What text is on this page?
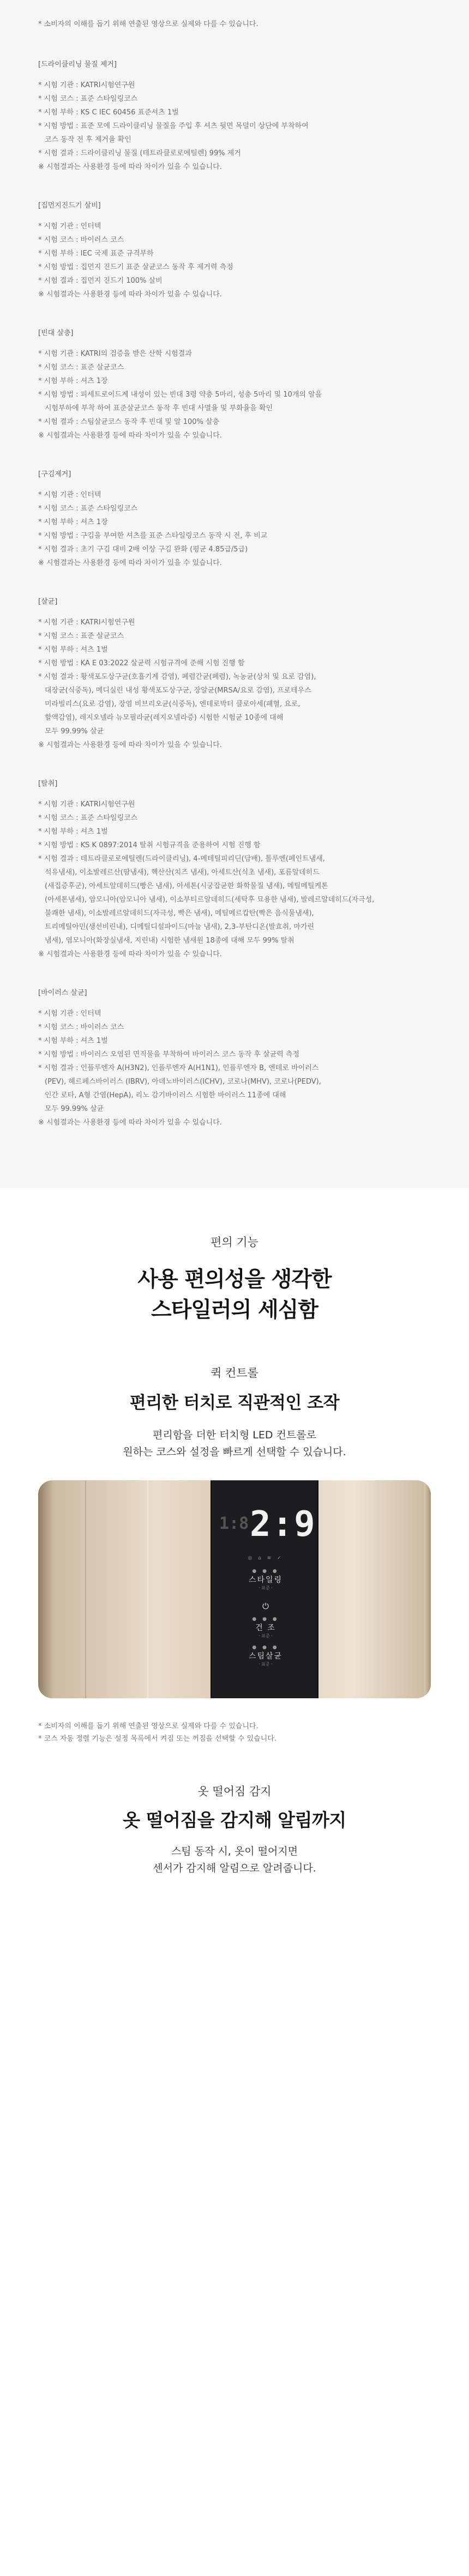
* 소비자의 이해를 돕기 위해 연출된 영상으로 실제와 다를 수 있습니다.
[드라이클리닝 물질 제거]
* 시험 기관 : KATRI시험연구원
* 시험 코스 : 표준 스타일링코스
* 시험 부하 : KS C IEC 60456 표준셔츠 1벌
* 시험 방법 : 표준 모에 드라이클리닝 물질을 주입 후 셔츠 뒷면 목덜미 상단에 부착하여
코스 동작 전 후 제거율 확인
* 시험 결과 : 드라이클리닝 물질 (테트라클로로에틸렌) 99% 제거
※ 시험결과는 사용환경 등에 따라 차이가 있을 수 있습니다.
[집먼지진드기 살비]
* 시험 기관 : 인터텍
* 시험 코스 : 바이러스 코스
* 시험 부하 : IEC 국제 표준 규격부하
* 시험 방법 : 집먼지 진드기 표준 살균코스 동작 후 제거력 측정
* 시험 결과 : 집먼지 진드기 100% 살비
※ 시험결과는 사용환경 등에 따라 차이가 있을 수 있습니다.
[빈대 살충]
* 시험 기관 : KATRI의 검증을 받은 산학 시험결과
* 시험 코스 : 표준 살균코스
* 시험 부하 : 셔츠 1장
* 시험 방법 : 피세트로이드계 내성이 있는 빈대 3령 약충 5마리, 성충 5마리 및 10개의 알을
시험부하에 부착 하여 표준살균코스 동작 후 빈대 사멸율 및 부화율을 확인
* 시험 결과 : 스팀살균코스 동작 후 빈대 및 알 100% 살충
※ 시험결과는 사용환경 등에 따라 차이가 있을 수 있습니다.
[구김제거]
* 시험 기관 : 인터텍
* 시험 코스 : 표준 스타일링코스
* 시험 부하 : 셔츠 1장
* 시험 방법 : 구김을 부여한 셔츠를 표준 스타일링코스 동작 시 전, 후 비교
* 시험 결과 : 초기 구김 대비 2배 이상 구김 완화 (평균 4.85급/5급)
※ 시험결과는 사용환경 등에 따라 차이가 있을 수 있습니다.
[살균]
* 시험 기관 : KATRI시험연구원
* 시험 코스 : 표준 살균코스
* 시험 부하 : 셔츠 1벌
* 시험 방법 : KA E 03:2022 살균력 시험규격에 준해 시험 진행 함
* 시험 결과 : 황색포도상구균(호흡기계 감염), 폐렴간균(폐렴), 녹농균(상처 및 요로 감염),
대장균(식중독), 메디실린 내성 황색포도상구균, 장알균(MRSA/요로 감염), 프로테우스
미라빌리스(요로 감염), 장염 비브리오균(식중독), 엔테로박터 클로아세(패혈, 요로,
할액감염), 레지오넬라 뉴모필라균(레지오넬라증) 시험한 시험균 10종에 대해
모두 99.99% 살균
※ 시험결과는 사용환경 등에 따라 차이가 있을 수 있습니다.
[탈취]
* 시험 기관 : KATRI시험연구원
* 시험 코스 : 표준 스타일링코스
* 시험 부하 : 셔츠 1벌
* 시험 방법 : KS K 0897:2014 탈취 시험규격을 준용하여 시험 진행 함
* 시험 결과 : 테트라클로로에틸렌(드라이클리닝), 4-메테틸피리딘(담배), 톨루엔(페인트냄새,
석유냄새), 이소발레르산(땀냄새), 헥산산(치즈 냄새), 아세트산(식초 냄새), 포름알데히드
(새집증후군), 아세트알데히드(빵은 냄새), 아세톤(시궁잡균한 화학물질 냄새), 메틸메틸케톤
(아세톤냄새), 암모니아(암모니아 냄새), 이소부티르알데히드(세탁후 묘용한 냄새), 발레르알데히드(자극성,
불쾌한 냄새), 이소발레르알데히드(자극성, 빡은 냄새), 메틸메르캅탄(빡은 음식물냄새),
트리메틸아민(생선비린내), 디메틸디설파이드(마늘 냄새), 2,3-부탄디온(발효취, 마가린
냄새), 염모니아(화장실냄새, 지린내) 시험한 냄새원 18종에 대해 모두 99% 탈취
※ 시험결과는 사용환경 등에 따라 차이가 있을 수 있습니다.
[바이러스 살균]
* 시험 기관 : 인터텍
* 시험 코스 : 바이러스 코스
* 시험 부하 : 셔츠 1벌
* 시험 방법 : 바이러스 오염된 면직물을 부착하여 바이러스 코스 동작 후 살균력 측정
* 시험 결과 : 인플루엔자 A(H3N2), 인플루엔자 A(H1N1), 인플루엔자 B, 엔테로 바이러스
(PEV), 헤르페스바이러스 (IBRV), 아데노바이러스(ICHV), 코로나(MHV), 코로나(PEDV),
인간 로타, A형 간염(HepA), 리노 감기바이러스 시험한 바이러스 11종에 대해
모두 99.99% 살균
※ 시험결과는 사용환경 등에 따라 차이가 있을 수 있습니다.
편의 기능
사용 편의성을 생각한
스타일러의 세심함
퀵 컨트롤
편리한 터치로 직관적인 조작
편리함을 더한 터치형 LED 컨트롤로
원하는 코스와 설정을 빠르게 선택할 수 있습니다.
1:8 2:9
◎ ⌂ ≋ ✓
● ● ●
스타일링
· 표준 ·
⏻
● ● ●
건 조
· 표준 ·
● ● ●
스팀살균
· 표준 ·
* 소비자의 이해를 돕기 위해 연출된 영상으로 실제와 다를 수 있습니다.
* 코스 자동 정렬 기능은 설정 목록에서 켜짐 또는 꺼짐을 선택할 수 있습니다.
옷 떨어짐 감지
옷 떨어짐을 감지해 알림까지
스팀 동작 시, 옷이 떨어지면
센서가 감지해 알림으로 알려줍니다.
